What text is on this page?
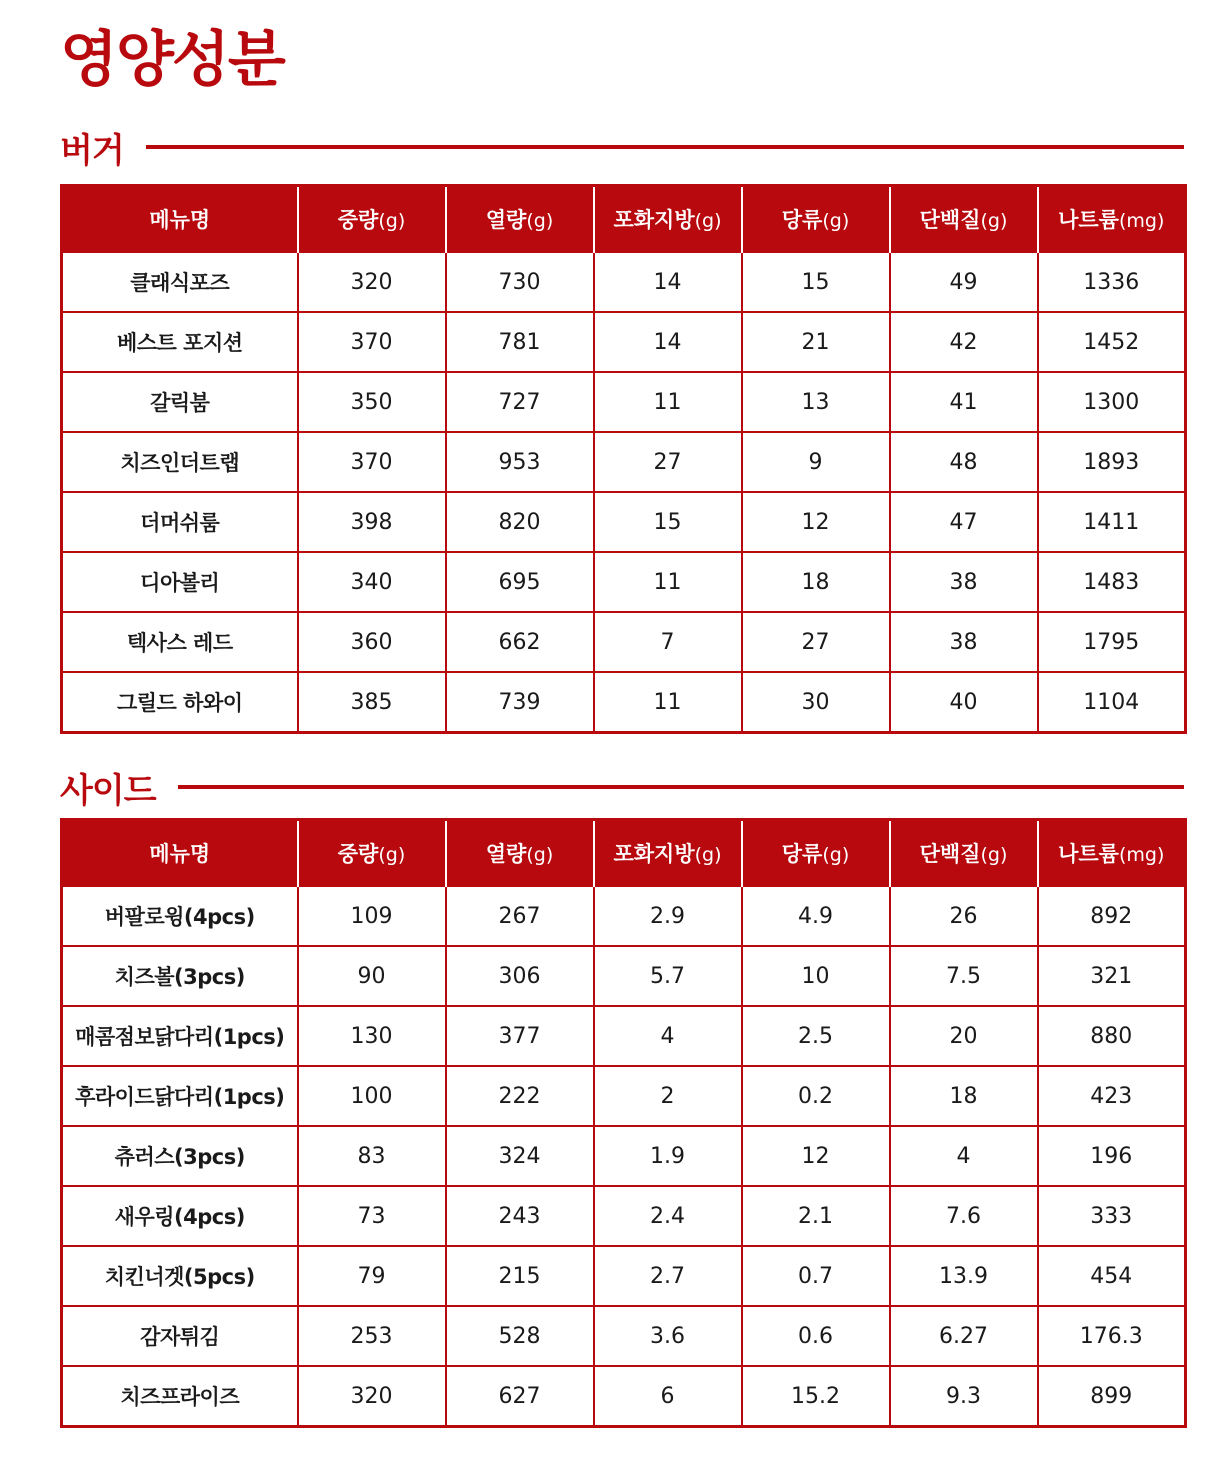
영양성분
버거
메뉴명	중량(g)	열량(g)	포화지방(g)	당류(g)	단백질(g)	나트륨(mg)
클래식포즈	320	730	14	15	49	1336
베스트 포지션	370	781	14	21	42	1452
갈릭붐	350	727	11	13	41	1300
치즈인더트랩	370	953	27	9	48	1893
더머쉬룸	398	820	15	12	47	1411
디아볼리	340	695	11	18	38	1483
텍사스 레드	360	662	7	27	38	1795
그릴드 하와이	385	739	11	30	40	1104
사이드
메뉴명	중량(g)	열량(g)	포화지방(g)	당류(g)	단백질(g)	나트륨(mg)
버팔로윙(4pcs)	109	267	2.9	4.9	26	892
치즈볼(3pcs)	90	306	5.7	10	7.5	321
매콤점보닭다리(1pcs)	130	377	4	2.5	20	880
후라이드닭다리(1pcs)	100	222	2	0.2	18	423
츄러스(3pcs)	83	324	1.9	12	4	196
새우링(4pcs)	73	243	2.4	2.1	7.6	333
치킨너겟(5pcs)	79	215	2.7	0.7	13.9	454
감자튀김	253	528	3.6	0.6	6.27	176.3
치즈프라이즈	320	627	6	15.2	9.3	899
